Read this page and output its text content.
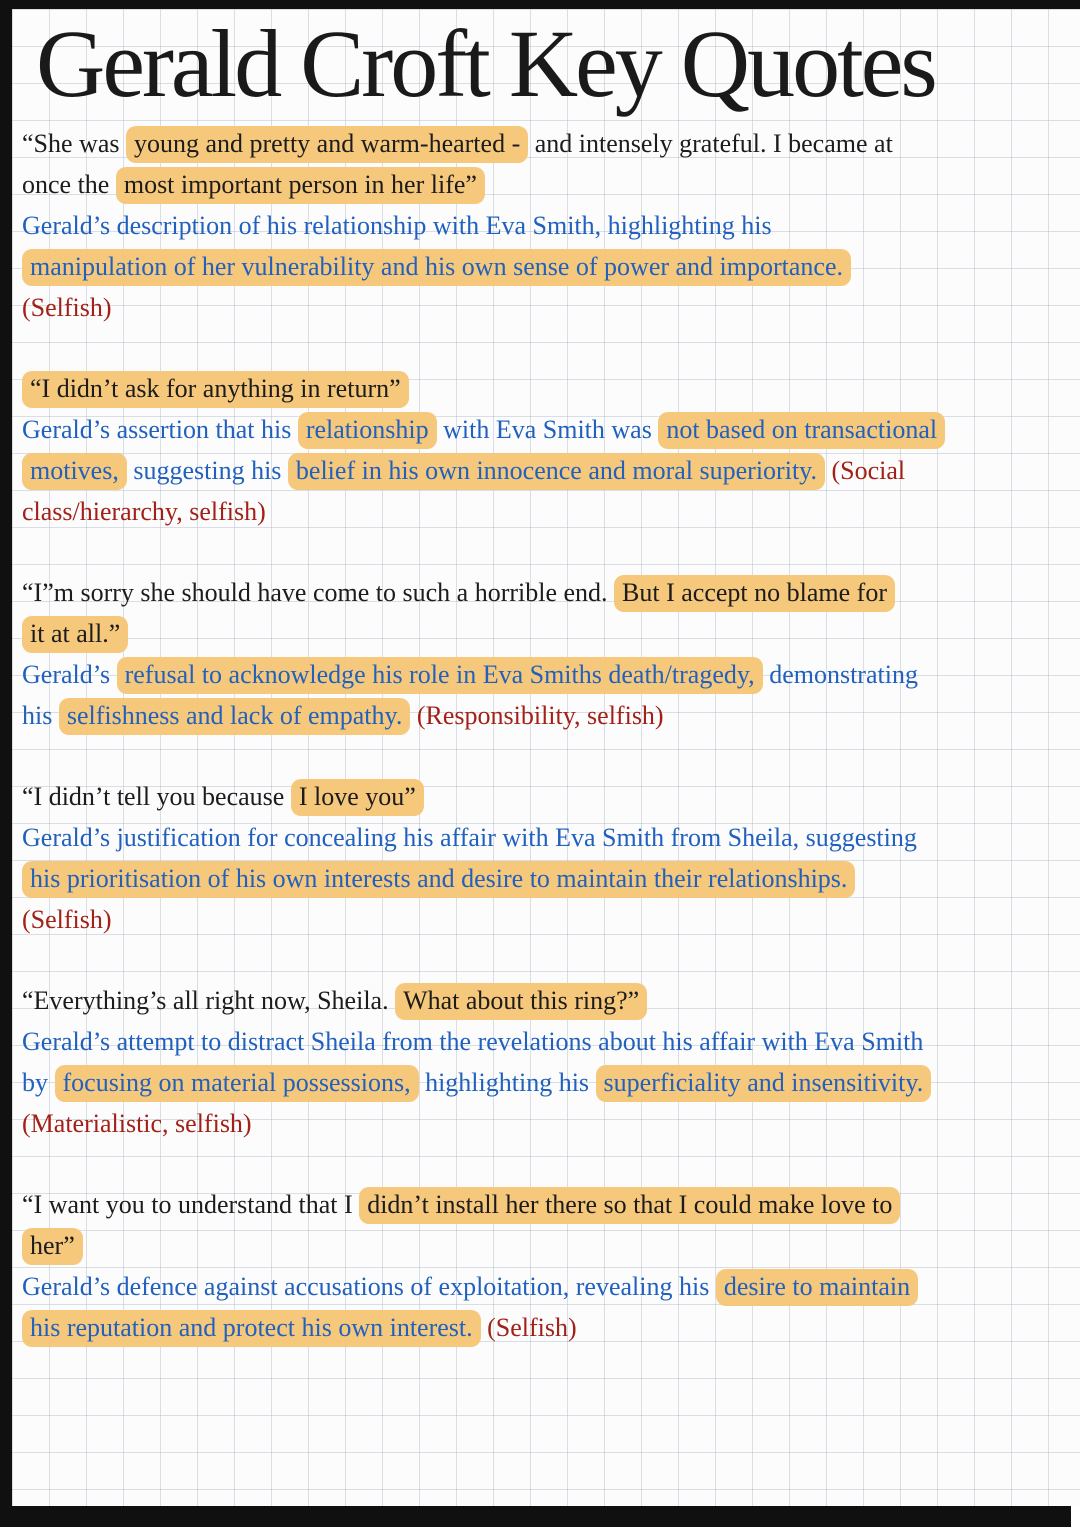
Gerald Croft Key Quotes
“She was young and pretty and warm-hearted - and intensely grateful. I became at
once the most important person in her life”
Gerald’s description of his relationship with Eva Smith, highlighting his
manipulation of her vulnerability and his own sense of power and importance.
(Selfish)
“I didn’t ask for anything in return”
Gerald’s assertion that his relationship with Eva Smith was not based on transactional
motives, suggesting his belief in his own innocence and moral superiority. (Social
class/hierarchy, selfish)
“I”m sorry she should have come to such a horrible end. But I accept no blame for
it at all.”
Gerald’s refusal to acknowledge his role in Eva Smiths death/tragedy, demonstrating
his selfishness and lack of empathy. (Responsibility, selfish)
“I didn’t tell you because I love you”
Gerald’s justification for concealing his affair with Eva Smith from Sheila, suggesting
his prioritisation of his own interests and desire to maintain their relationships.
(Selfish)
“Everything’s all right now, Sheila. What about this ring?”
Gerald’s attempt to distract Sheila from the revelations about his affair with Eva Smith
by focusing on material possessions, highlighting his superficiality and insensitivity.
(Materialistic, selfish)
“I want you to understand that I didn’t install her there so that I could make love to
her”
Gerald’s defence against accusations of exploitation, revealing his desire to maintain
his reputation and protect his own interest. (Selfish)
